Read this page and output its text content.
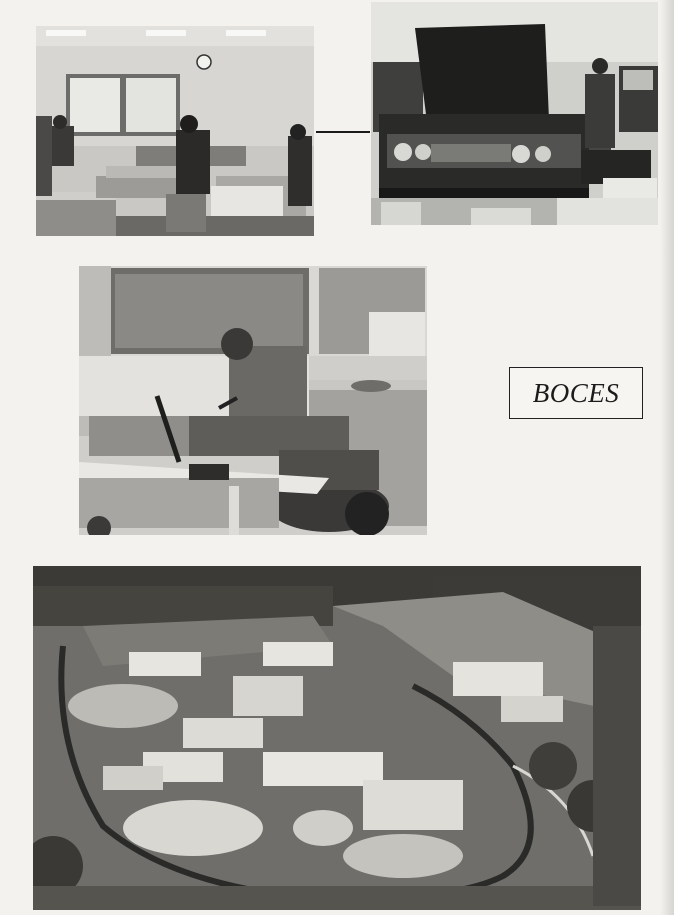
BOCES
